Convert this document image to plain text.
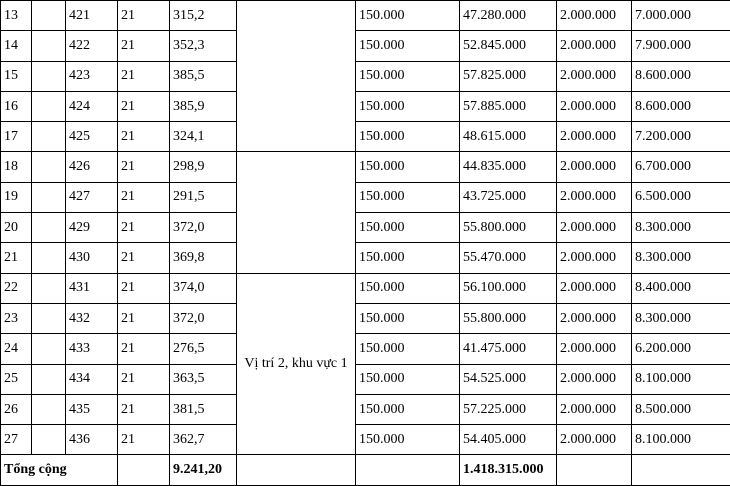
13		421	21	315,2		150.000	47.280.000	2.000.000	7.000.000
14		422	21	352,3		150.000	52.845.000	2.000.000	7.900.000
15		423	21	385,5		150.000	57.825.000	2.000.000	8.600.000
16		424	21	385,9		150.000	57.885.000	2.000.000	8.600.000
17		425	21	324,1		150.000	48.615.000	2.000.000	7.200.000
18		426	21	298,9		150.000	44.835.000	2.000.000	6.700.000
19		427	21	291,5		150.000	43.725.000	2.000.000	6.500.000
20		429	21	372,0		150.000	55.800.000	2.000.000	8.300.000
21		430	21	369,8		150.000	55.470.000	2.000.000	8.300.000
22		431	21	374,0	Vị trí 2, khu vực 1	150.000	56.100.000	2.000.000	8.400.000
23		432	21	372,0		150.000	55.800.000	2.000.000	8.300.000
24		433	21	276,5		150.000	41.475.000	2.000.000	6.200.000
25		434	21	363,5		150.000	54.525.000	2.000.000	8.100.000
26		435	21	381,5		150.000	57.225.000	2.000.000	8.500.000
27		436	21	362,7		150.000	54.405.000	2.000.000	8.100.000
Tổng cộng				9.241,20			1.418.315.000		
